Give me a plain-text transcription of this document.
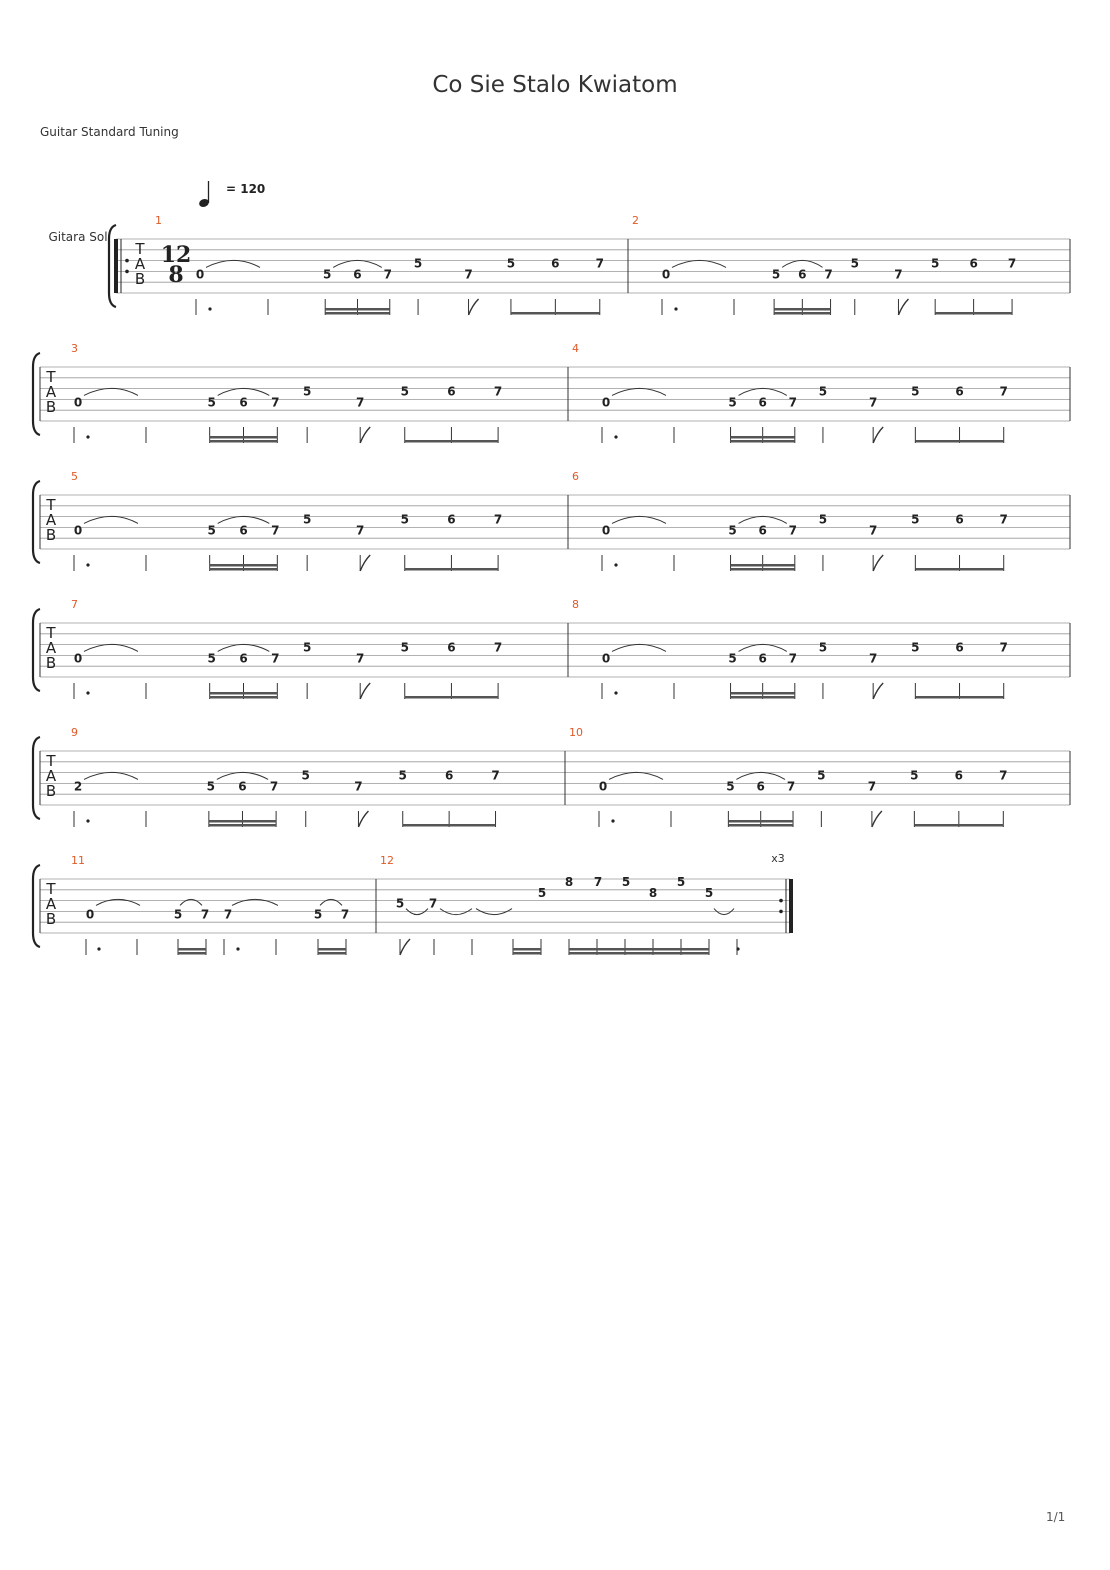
Co Sie Stalo Kwiatom
Guitar Standard Tuning
1/1
= 120
Gitara Sol
T
A
B
1
12
8 0	5 6 7
5
7
5	6	7
2
0	5 6 7
5
7
5	6	7
T
A
B
3
0	5 6 7
5
7
5	6	7
4
0	5 6 7
5
7
5	6	7
T
A
B
5
0	5 6 7
5
7
5	6	7
6
0	5 6 7
5
7
5	6	7
T
A
B
7
0	5 6 7
5
7
5	6	7
8
0	5 6 7
5
7
5	6	7
T
A
B
9
2	5 6 7
5
7
5	6	7
10
0	5 6 7
5
7
5	6	7
T
A
B
11
0	5 7 7	5 7
12
5 7
5
8 7 5
8
5
5
x3
